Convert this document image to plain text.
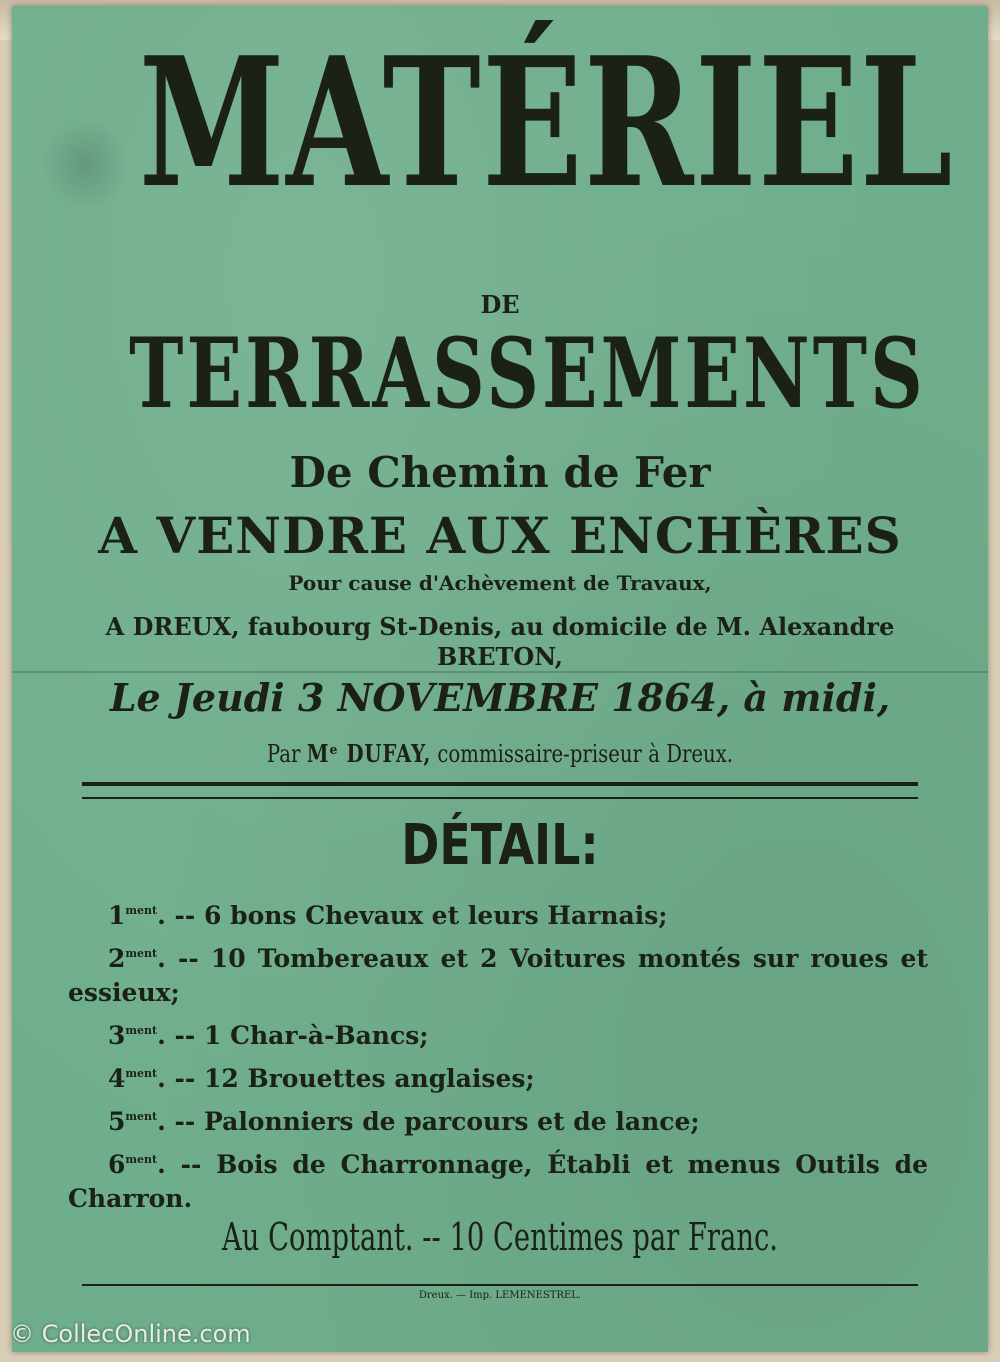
MATÉRIEL
DE
TERRASSEMENTS
De Chemin de Fer
A VENDRE AUX ENCHÈRES
Pour cause d'Achèvement de Travaux,
A DREUX, faubourg St-Denis, au domicile de M. Alexandre
BRETON,
Le Jeudi 3 NOVEMBRE 1864, à midi,
Par Mᵉ DUFAY, commissaire-priseur à Dreux.
DÉTAIL:
$1^{ment}$. -- 6 bons Chevaux et leurs Harnais;
$2^{ment}$. -- 10 Tombereaux et 2 Voitures montés sur roues et essieux;
$3^{ment}$. -- 1 Char-à-Bancs;
$4^{ment}$. -- 12 Brouettes anglaises;
$5^{ment}$. -- Palonniers de parcours et de lance;
$6^{ment}$. -- Bois de Charronnage, Établi et menus Outils de Charron.
Au Comptant. -- 10 Centimes par Franc.
Dreux. — Imp. LEMENESTREL.
© CollecOnline.com
